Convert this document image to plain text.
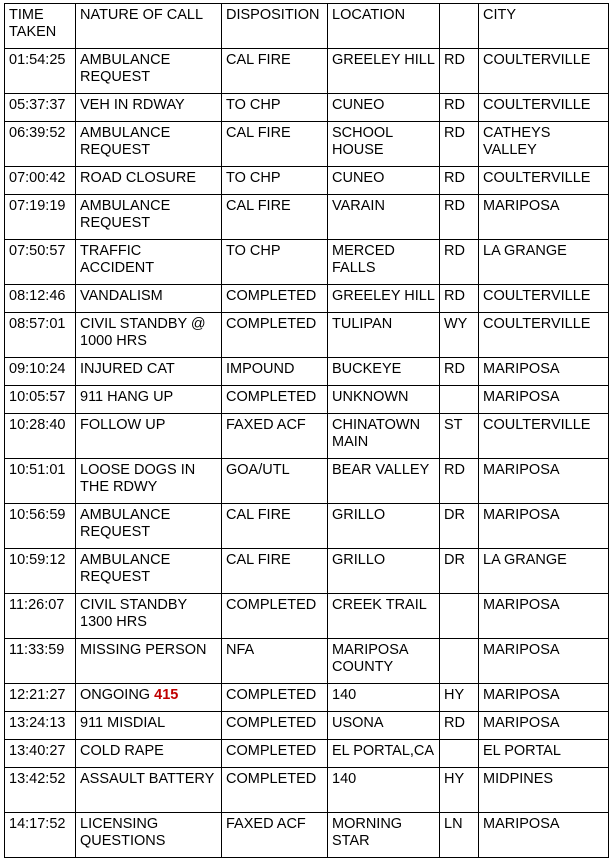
TIME TAKEN	NATURE OF CALL	DISPOSITION	LOCATION		CITY
01:54:25	AMBULANCE REQUEST	CAL FIRE	GREELEY HILL	RD	COULTERVILLE
05:37:37	VEH IN RDWAY	TO CHP	CUNEO	RD	COULTERVILLE
06:39:52	AMBULANCE REQUEST	CAL FIRE	SCHOOL HOUSE	RD	CATHEYS VALLEY
07:00:42	ROAD CLOSURE	TO CHP	CUNEO	RD	COULTERVILLE
07:19:19	AMBULANCE REQUEST	CAL FIRE	VARAIN	RD	MARIPOSA
07:50:57	TRAFFIC ACCIDENT	TO CHP	MERCED FALLS	RD	LA GRANGE
08:12:46	VANDALISM	COMPLETED	GREELEY HILL	RD	COULTERVILLE
08:57:01	CIVIL STANDBY @ 1000 HRS	COMPLETED	TULIPAN	WY	COULTERVILLE
09:10:24	INJURED CAT	IMPOUND	BUCKEYE	RD	MARIPOSA
10:05:57	911 HANG UP	COMPLETED	UNKNOWN		MARIPOSA
10:28:40	FOLLOW UP	FAXED ACF	CHINATOWN MAIN	ST	COULTERVILLE
10:51:01	LOOSE DOGS IN THE RDWY	GOA/UTL	BEAR VALLEY	RD	MARIPOSA
10:56:59	AMBULANCE REQUEST	CAL FIRE	GRILLO	DR	MARIPOSA
10:59:12	AMBULANCE REQUEST	CAL FIRE	GRILLO	DR	LA GRANGE
11:26:07	CIVIL STANDBY 1300 HRS	COMPLETED	CREEK TRAIL		MARIPOSA
11:33:59	MISSING PERSON	NFA	MARIPOSA COUNTY		MARIPOSA
12:21:27	ONGOING 415	COMPLETED	140	HY	MARIPOSA
13:24:13	911 MISDIAL	COMPLETED	USONA	RD	MARIPOSA
13:40:27	COLD RAPE	COMPLETED	EL PORTAL,CA		EL PORTAL
13:42:52	ASSAULT BATTERY	COMPLETED	140	HY	MIDPINES
14:17:52	LICENSING QUESTIONS	FAXED ACF	MORNING STAR	LN	MARIPOSA
